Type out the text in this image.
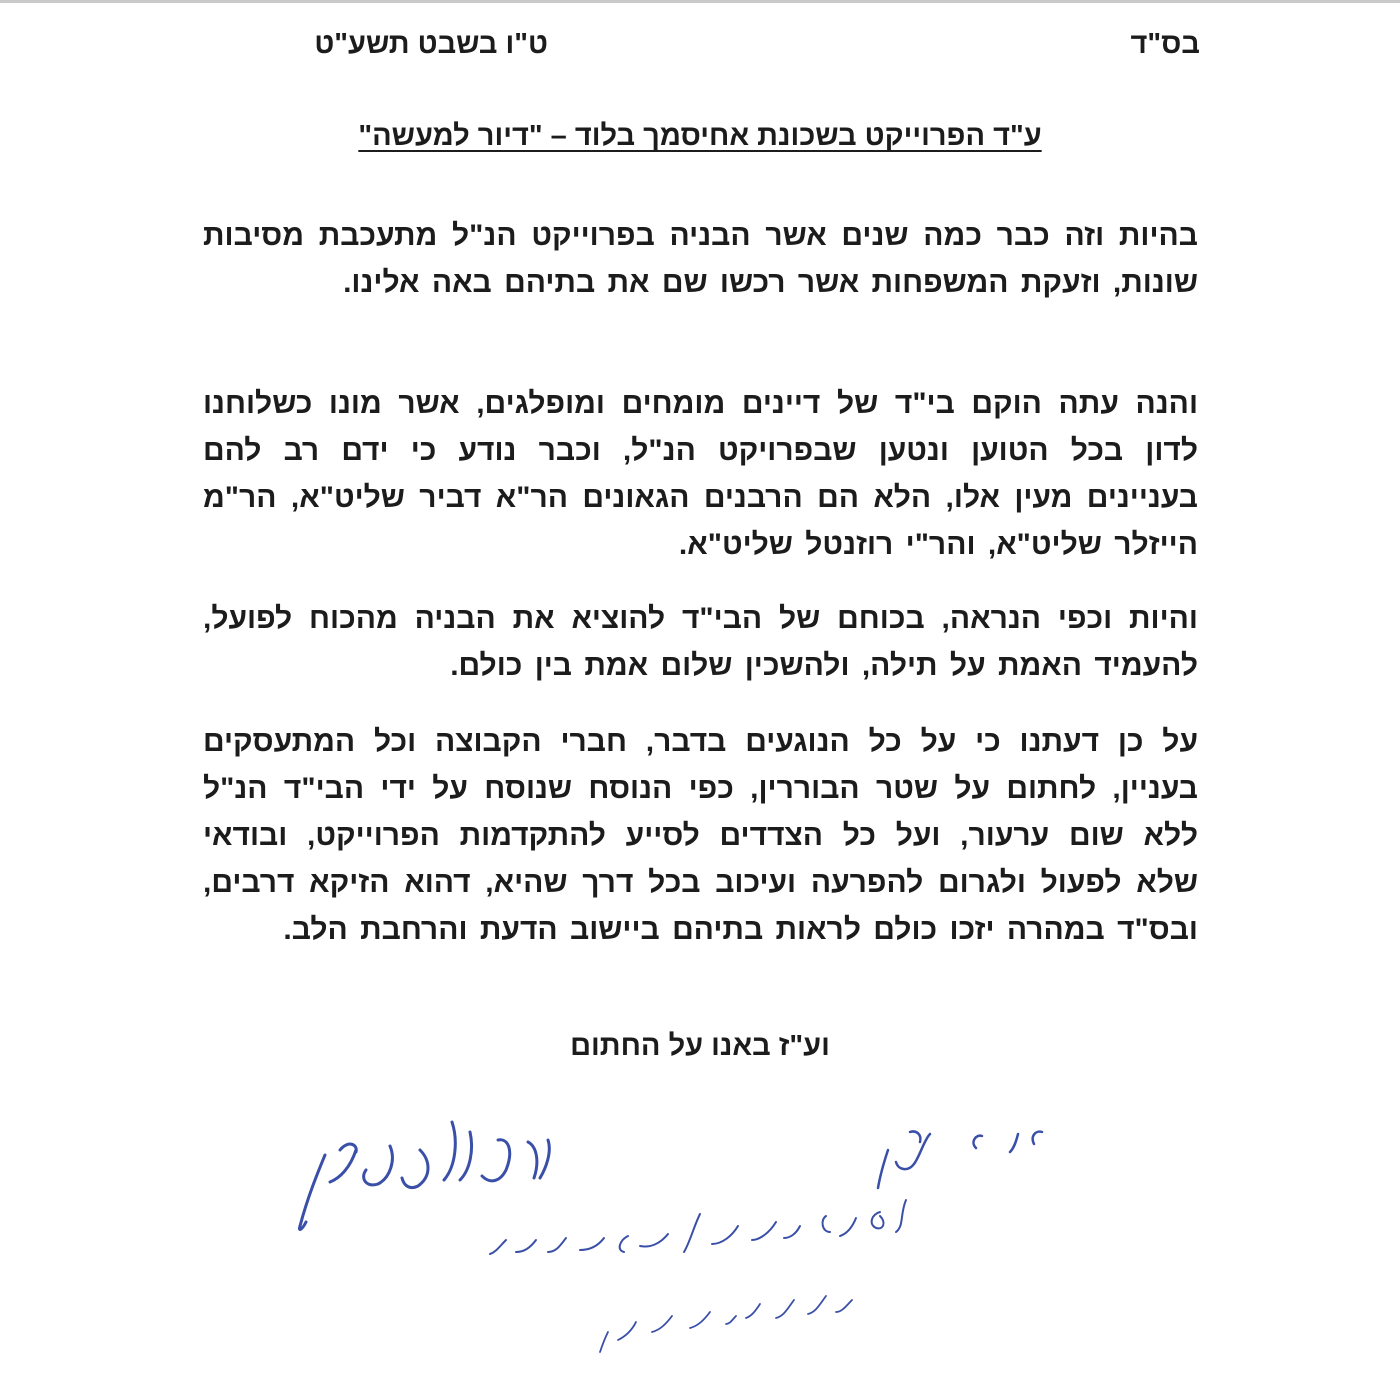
בס"ד
ט"ו בשבט תשע"ט
ע"ד הפרוייקט בשכונת אחיסמך בלוד – "דיור למעשה"
בהיות וזה כבר כמה שנים אשר הבניה בפרוייקט הנ"ל מתעכבת מסיבות שונות, וזעקת המשפחות אשר רכשו שם את בתיהם באה אלינו.
והנה עתה הוקם בי"ד של דיינים מומחים ומופלגים, אשר מונו כשלוחנו לדון בכל הטוען ונטען שבפרויקט הנ"ל, וכבר נודע כי ידם רב להם בעניינים מעין אלו, הלא הם הרבנים הגאונים הר"א דביר שליט"א, הר"מ הייזלר שליט"א, והר"י רוזנטל שליט"א.
והיות וכפי הנראה, בכוחם של הבי"ד להוציא את הבניה מהכוח לפועל, להעמיד האמת על תילה, ולהשכין שלום אמת בין כולם.
על כן דעתנו כי על כל הנוגעים בדבר, חברי הקבוצה וכל המתעסקים בעניין, לחתום על שטר הבוררין, כפי הנוסח שנוסח על ידי הבי"ד הנ"ל ללא שום ערעור, ועל כל הצדדים לסייע להתקדמות הפרוייקט, ובודאי שלא לפעול ולגרום להפרעה ועיכוב בכל דרך שהיא, דהוא הזיקא דרבים, ובס"ד במהרה יזכו כולם לראות בתיהם ביישוב הדעת והרחבת הלב.
וע"ז באנו על החתום
